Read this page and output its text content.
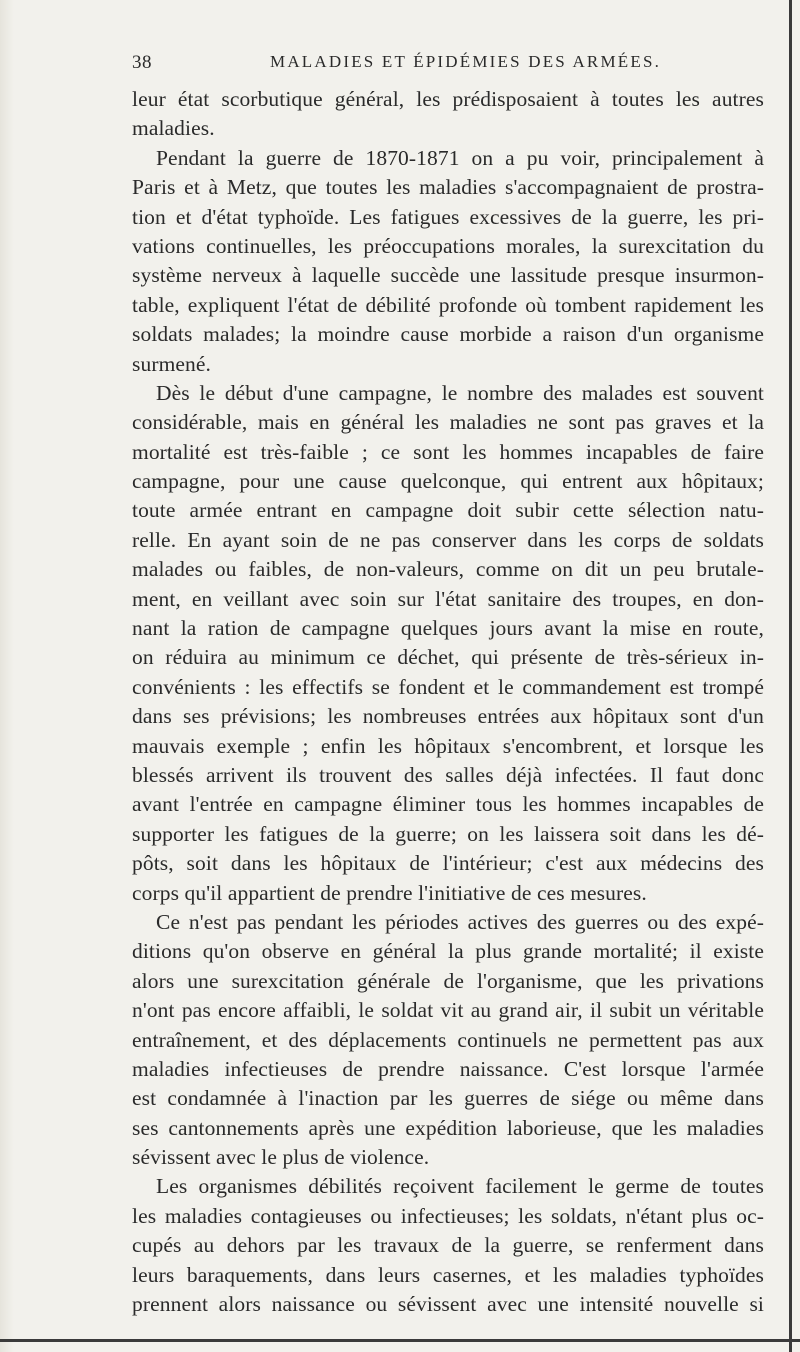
38	MALADIES ET ÉPIDÉMIES DES ARMÉES.
leur état scorbutique général, les prédisposaient à toutes les autres
maladies.
Pendant la guerre de 1870-1871 on a pu voir, principalement à
Paris et à Metz, que toutes les maladies s'accompagnaient de prostra-
tion et d'état typhoïde. Les fatigues excessives de la guerre, les pri-
vations continuelles, les préoccupations morales, la surexcitation du
système nerveux à laquelle succède une lassitude presque insurmon-
table, expliquent l'état de débilité profonde où tombent rapidement les
soldats malades; la moindre cause morbide a raison d'un organisme
surmené.
Dès le début d'une campagne, le nombre des malades est souvent
considérable, mais en général les maladies ne sont pas graves et la
mortalité est très-faible ; ce sont les hommes incapables de faire
campagne, pour une cause quelconque, qui entrent aux hôpitaux;
toute armée entrant en campagne doit subir cette sélection natu-
relle. En ayant soin de ne pas conserver dans les corps de soldats
malades ou faibles, de non-valeurs, comme on dit un peu brutale-
ment, en veillant avec soin sur l'état sanitaire des troupes, en don-
nant la ration de campagne quelques jours avant la mise en route,
on réduira au minimum ce déchet, qui présente de très-sérieux in-
convénients : les effectifs se fondent et le commandement est trompé
dans ses prévisions; les nombreuses entrées aux hôpitaux sont d'un
mauvais exemple ; enfin les hôpitaux s'encombrent, et lorsque les
blessés arrivent ils trouvent des salles déjà infectées. Il faut donc
avant l'entrée en campagne éliminer tous les hommes incapables de
supporter les fatigues de la guerre; on les laissera soit dans les dé-
pôts, soit dans les hôpitaux de l'intérieur; c'est aux médecins des
corps qu'il appartient de prendre l'initiative de ces mesures.
Ce n'est pas pendant les périodes actives des guerres ou des expé-
ditions qu'on observe en général la plus grande mortalité; il existe
alors une surexcitation générale de l'organisme, que les privations
n'ont pas encore affaibli, le soldat vit au grand air, il subit un véritable
entraînement, et des déplacements continuels ne permettent pas aux
maladies infectieuses de prendre naissance. C'est lorsque l'armée
est condamnée à l'inaction par les guerres de siége ou même dans
ses cantonnements après une expédition laborieuse, que les maladies
sévissent avec le plus de violence.
Les organismes débilités reçoivent facilement le germe de toutes
les maladies contagieuses ou infectieuses; les soldats, n'étant plus oc-
cupés au dehors par les travaux de la guerre, se renferment dans
leurs baraquements, dans leurs casernes, et les maladies typhoïdes
prennent alors naissance ou sévissent avec une intensité nouvelle si
